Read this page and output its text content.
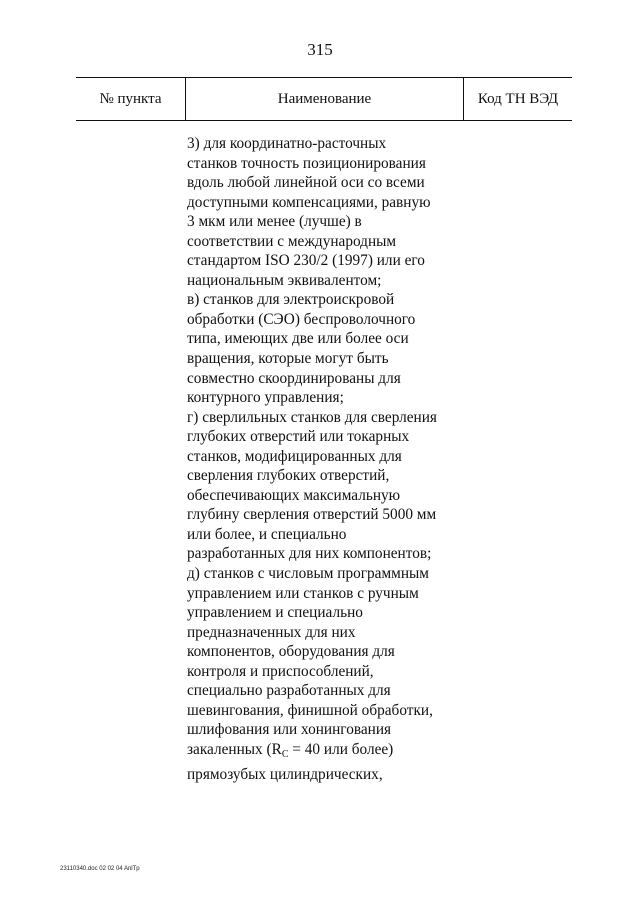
315
№ пункта	Наименование	Код ТН ВЭД
3) для координатно-расточных
станков точность позиционирования
вдоль любой линейной оси со всеми
доступными компенсациями, равную
3 мкм или менее (лучше) в
соответствии с международным
стандартом ISO 230/2 (1997) или его
национальным эквивалентом;
в) станков для электроискровой
обработки (СЭО) беспроволочного
типа, имеющих две или более оси
вращения, которые могут быть
совместно скоординированы для
контурного управления;
г) сверлильных станков для сверления
глубоких отверстий или токарных
станков, модифицированных для
сверления глубоких отверстий,
обеспечивающих максимальную
глубину сверления отверстий 5000 мм
или более, и специально
разработанных для них компонентов;
д) станков с числовым программным
управлением или станков с ручным
управлением и специально
предназначенных для них
компонентов, оборудования для
контроля и приспособлений,
специально разработанных для
шевингования, финишной обработки,
шлифования или хонингования
закаленных ($R_C = 40$ или более)
прямозубых цилиндрических,
23110340.doc 02 02 04 AnlTp
